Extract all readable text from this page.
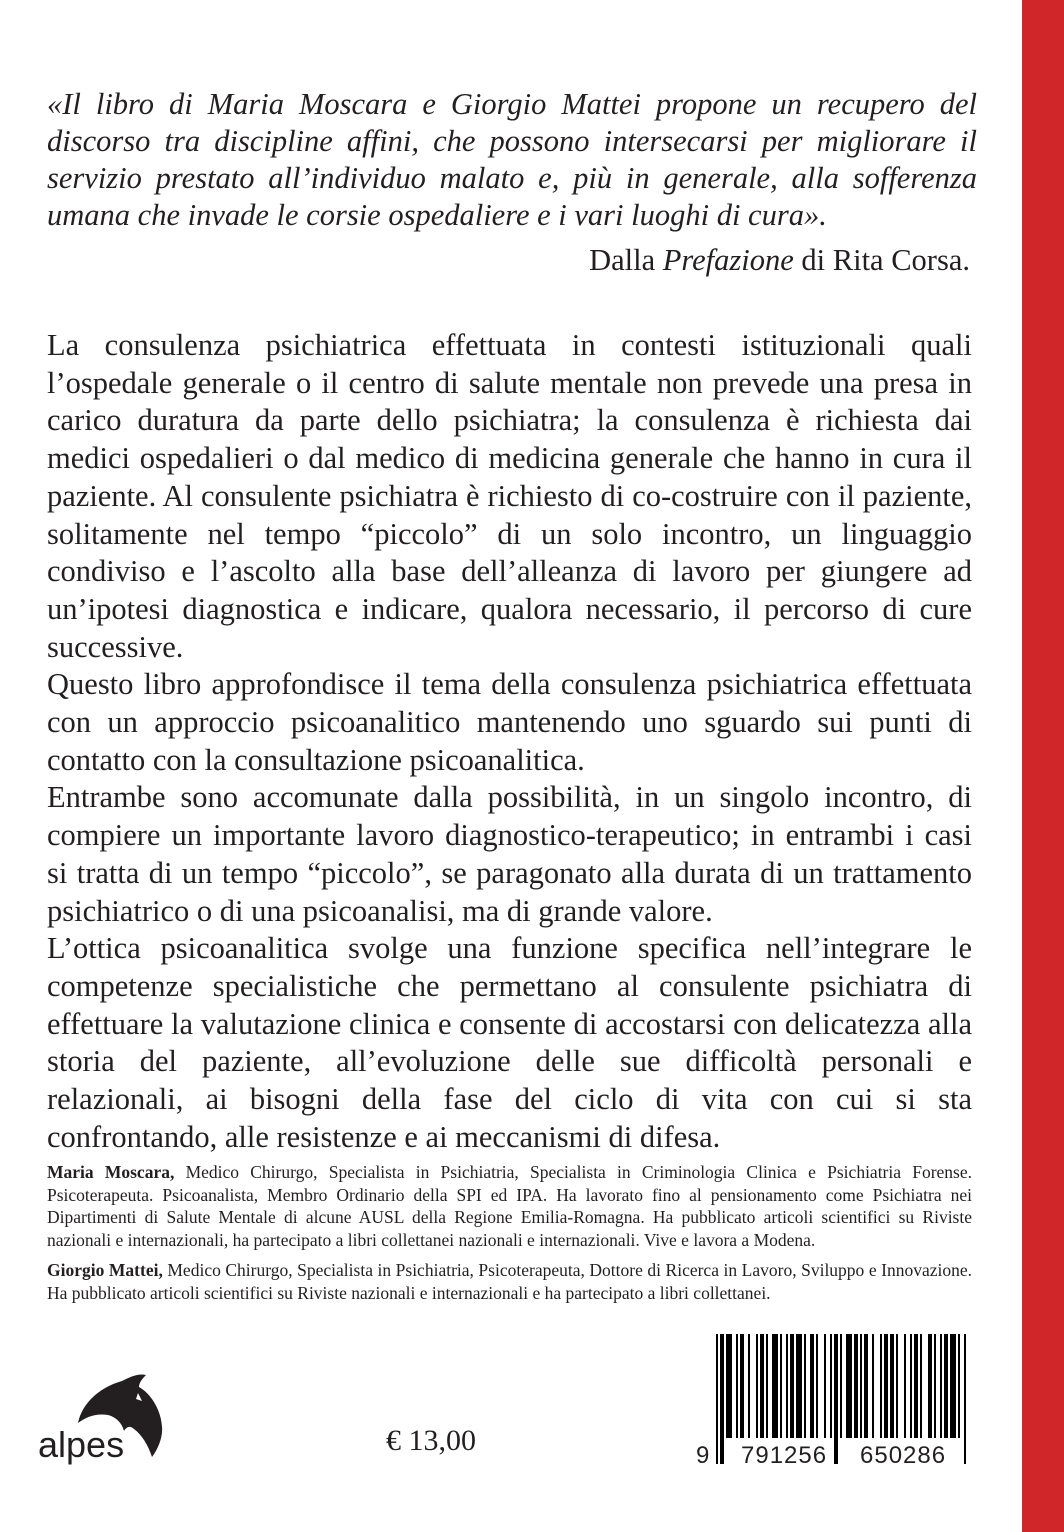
«Il libro di Maria Moscara e Giorgio Mattei propone un recupero del discorso tra discipline affini, che possono intersecarsi per migliorare il servizio prestato all’individuo malato e, più in generale, alla sofferenza umana che invade le corsie ospedaliere e i vari luoghi di cura».

Dalla Prefazione di Rita Corsa.

La consulenza psichiatrica effettuata in contesti istituzionali quali l’ospedale generale o il centro di salute mentale non prevede una presa in carico duratura da parte dello psichiatra; la consulenza è richiesta dai medici ospedalieri o dal medico di medicina generale che hanno in cura il paziente. Al consulente psichiatra è richiesto di co-costruire con il paziente, solitamente nel tempo “piccolo” di un solo incontro, un linguaggio condiviso e l’ascolto alla base dell’alleanza di lavoro per giungere ad un’ipotesi diagnostica e indicare, qualora necessario, il percorso di cure successive.

Questo libro approfondisce il tema della consulenza psichiatrica effettuata con un approccio psicoanalitico mantenendo uno sguardo sui punti di contatto con la consultazione psicoanalitica.

Entrambe sono accomunate dalla possibilità, in un singolo incontro, di compiere un importante lavoro diagnostico-terapeutico; in entrambi i casi si tratta di un tempo “piccolo”, se paragonato alla durata di un trattamento psichiatrico o di una psicoanalisi, ma di grande valore.

L’ottica psicoanalitica svolge una funzione specifica nell’integrare le competenze specialistiche che permettano al consulente psichiatra di effettuare la valutazione clinica e consente di accostarsi con delicatezza alla storia del paziente, all’evoluzione delle sue difficoltà personali e relazionali, ai bisogni della fase del ciclo di vita con cui si sta confrontando, alle resistenze e ai meccanismi di difesa.

Maria Moscara, Medico Chirurgo, Specialista in Psichiatria, Specialista in Criminologia Clinica e Psichiatria Forense. Psicoterapeuta. Psicoanalista, Membro Ordinario della SPI ed IPA. Ha lavorato fino al pensionamento come Psichiatra nei Dipartimenti di Salute Mentale di alcune AUSL della Regione Emilia-Romagna. Ha pubblicato articoli scientifici su Riviste nazionali e internazionali, ha partecipato a libri collettanei nazionali e internazionali. Vive e lavora a Modena.
Giorgio Mattei, Medico Chirurgo, Specialista in Psichiatria, Psicoterapeuta, Dottore di Ricerca in Lavoro, Sviluppo e Innovazione. Ha pubblicato articoli scientifici su Riviste nazionali e internazionali e ha partecipato a libri collettanei.
alpes	€ 13,00	9 791256 650286
